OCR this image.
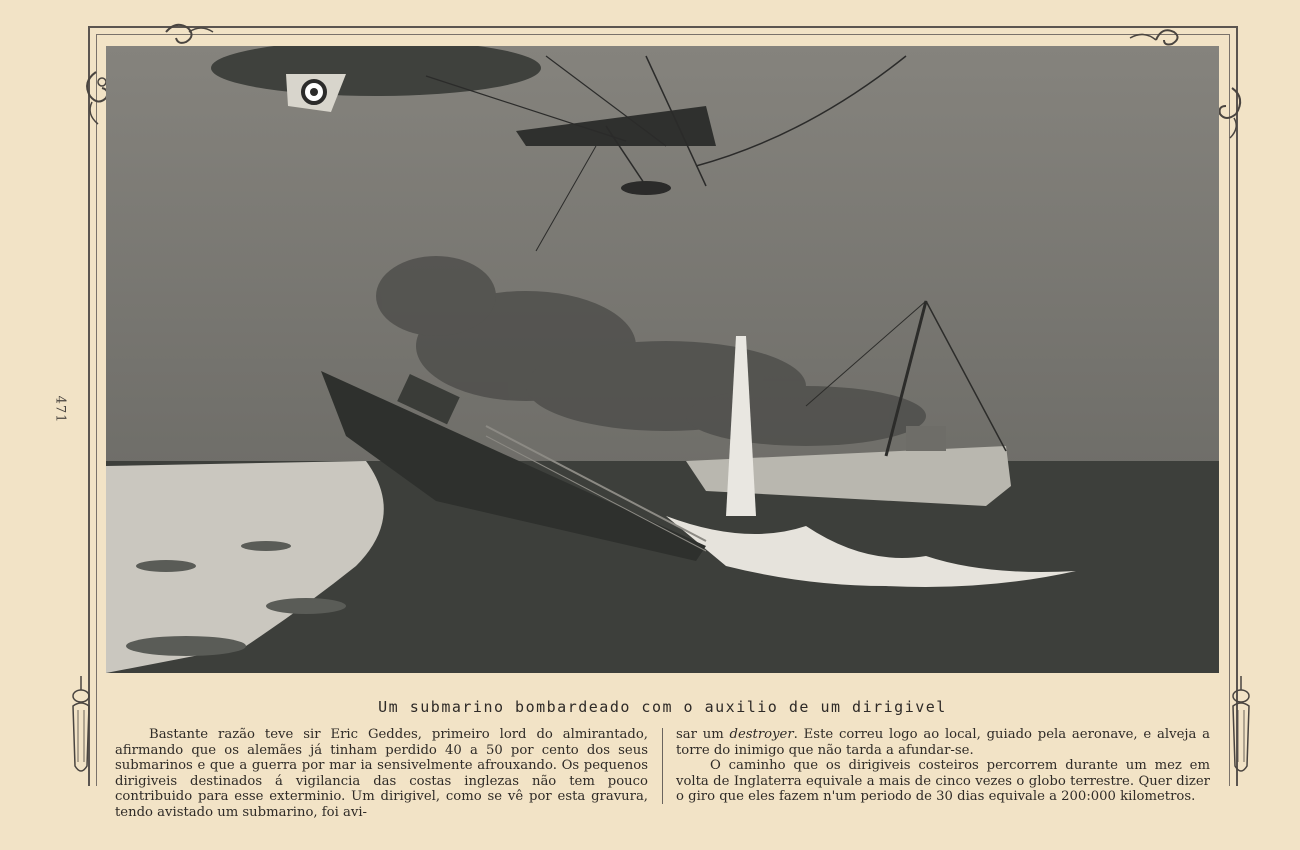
471
Um submarino bombardeado com o auxilio de um dirigivel

Bastante razão teve sir Eric Geddes, primeiro lord do almirantado, afirmando que os alemães já tinham perdido 40 a 50 por cento dos seus submarinos e que a guerra por mar ia sensivelmente afrouxando. Os pequenos dirigiveis destinados á vigilancia das costas inglezas não tem pouco contribuido para esse exterminio. Um dirigivel, como se vê por esta gravura, tendo avistado um submarino, foi avi-

sar um destroyer. Este correu logo ao local, guiado pela aeronave, e alveja a torre do inimigo que não tarda a afundar-se.

O caminho que os dirigiveis costeiros percorrem durante um mez em volta de Inglaterra equivale a mais de cinco vezes o globo terrestre. Quer dizer o giro que eles fazem n'um periodo de 30 dias equivale a 200:000 kilometros.
